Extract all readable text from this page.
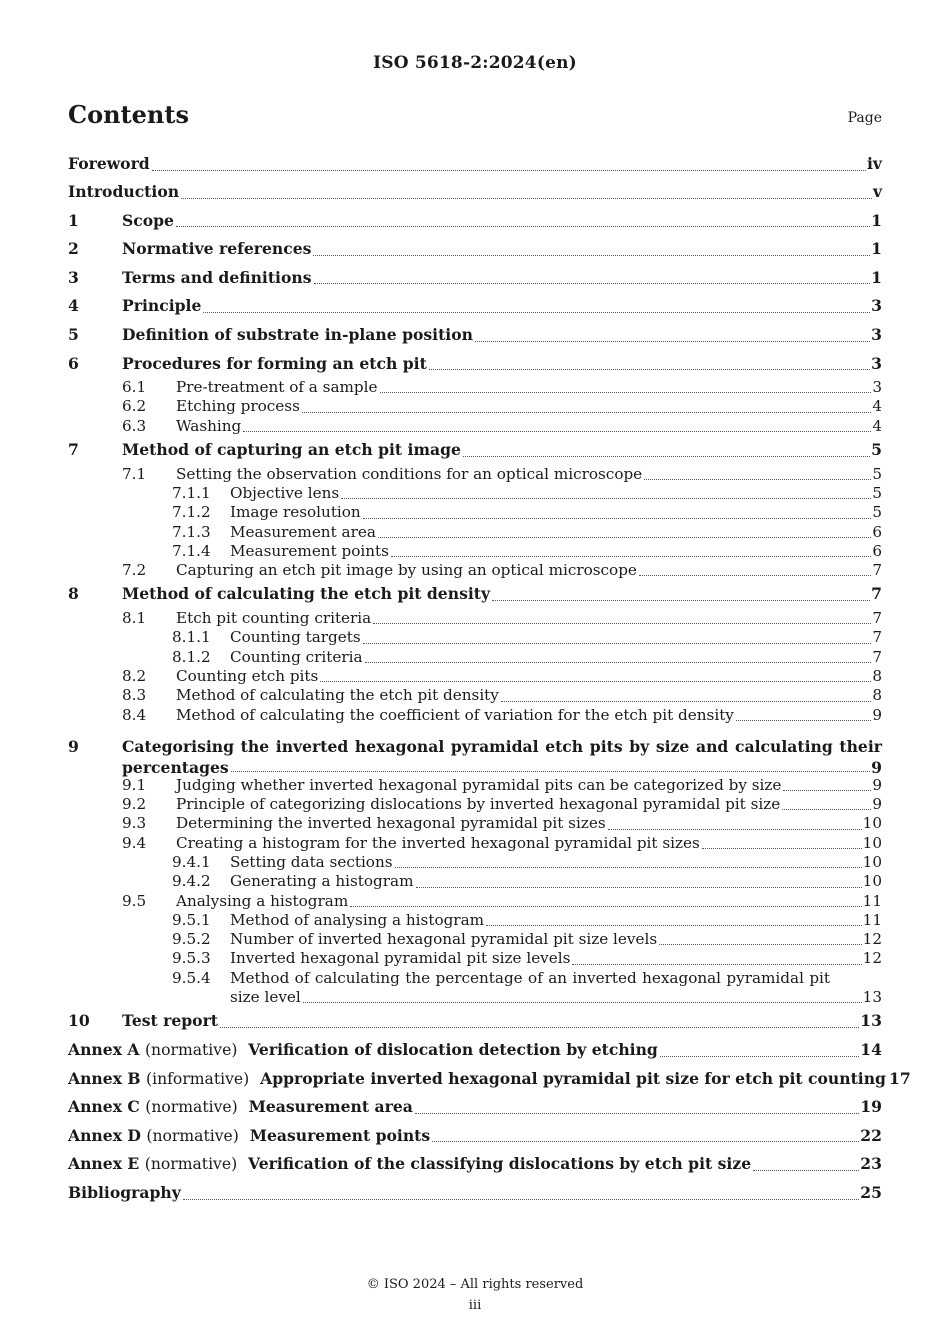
ISO 5618-2:2024(en)
Contents	Page
Foreword	iv
Introduction	v
1	Scope	1
2	Normative references	1
3	Terms and definitions	1
4	Principle	3
5	Definition of substrate in-plane position	3
6	Procedures for forming an etch pit	3
6.1 Pre-treatment of a sample	3
6.2 Etching process	4
6.3 Washing	4
7	Method of capturing an etch pit image	5
7.1 Setting the observation conditions for an optical microscope	5
7.1.1 Objective lens	5
7.1.2 Image resolution	5
7.1.3 Measurement area	6
7.1.4 Measurement points	6
7.2 Capturing an etch pit image by using an optical microscope	7
8	Method of calculating the etch pit density	7
8.1 Etch pit counting criteria	7
8.1.1 Counting targets	7
8.1.2 Counting criteria	7
8.2 Counting etch pits	8
8.3 Method of calculating the etch pit density	8
8.4 Method of calculating the coefficient of variation for the etch pit density	9
9	Categorising the inverted hexagonal pyramidal etch pits by size and calculating their
percentages	9
9.1 Judging whether inverted hexagonal pyramidal pits can be categorized by size	9
9.2 Principle of categorizing dislocations by inverted hexagonal pyramidal pit size	9
9.3 Determining the inverted hexagonal pyramidal pit sizes	10
9.4 Creating a histogram for the inverted hexagonal pyramidal pit sizes	10
9.4.1 Setting data sections	10
9.4.2 Generating a histogram	10
9.5 Analysing a histogram	11
9.5.1 Method of analysing a histogram	11
9.5.2 Number of inverted hexagonal pyramidal pit size levels	12
9.5.3 Inverted hexagonal pyramidal pit size levels	12
9.5.4 Method of calculating the percentage of an inverted hexagonal pyramidal pit
size level	13
10 Test report	13
Annex A (normative) Verification of dislocation detection by etching	14
Annex B (informative) Appropriate inverted hexagonal pyramidal pit size for etch pit counting 17
Annex C (normative) Measurement area	19
Annex D (normative) Measurement points	22
Annex E (normative) Verification of the classifying dislocations by etch pit size	23
Bibliography	25
© ISO 2024 – All rights reserved
iii
